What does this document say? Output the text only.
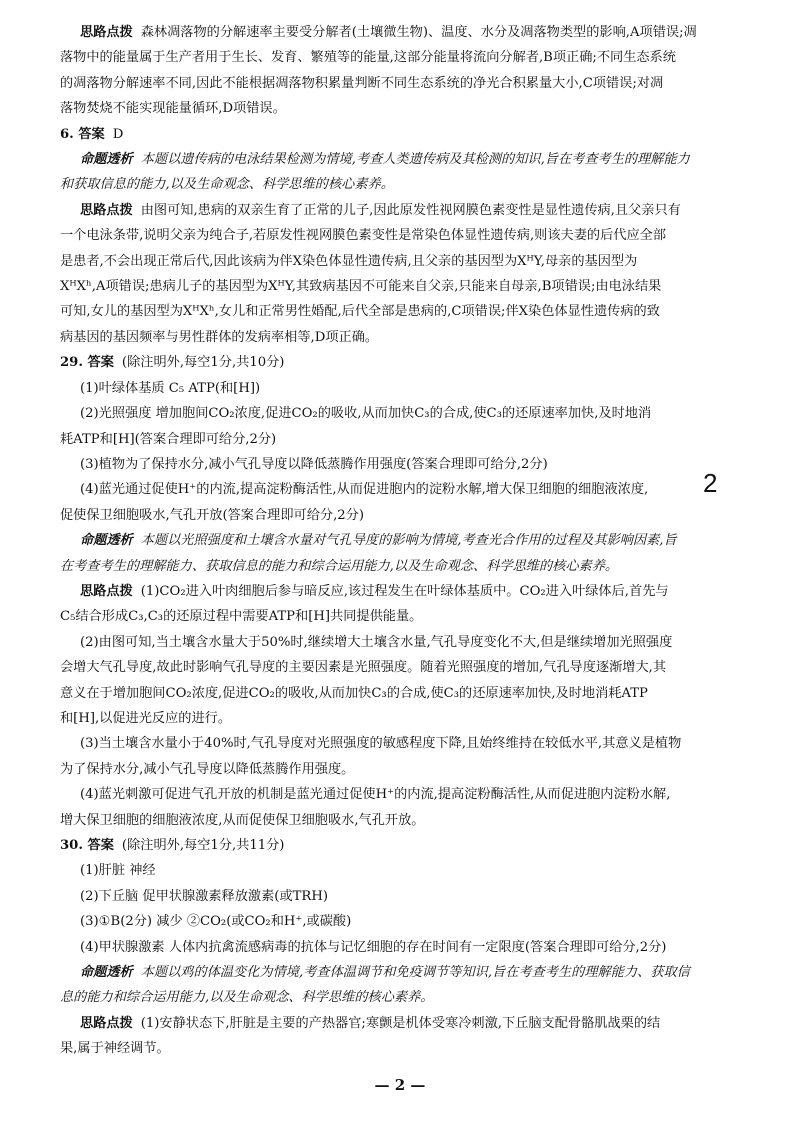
思路点拨 森林凋落物的分解速率主要受分解者(土壤微生物)、温度、水分及凋落物类型的影响,A项错误;凋
落物中的能量属于生产者用于生长、发育、繁殖等的能量,这部分能量将流向分解者,B项正确;不同生态系统
的凋落物分解速率不同,因此不能根据凋落物积累量判断不同生态系统的净光合积累量大小,C项错误;对凋
落物焚烧不能实现能量循环,D项错误。
6. 答案 D
命题透析 本题以遗传病的电泳结果检测为情境,考查人类遗传病及其检测的知识,旨在考查考生的理解能力
和获取信息的能力,以及生命观念、科学思维的核心素养。
思路点拨 由图可知,患病的双亲生育了正常的儿子,因此原发性视网膜色素变性是显性遗传病,且父亲只有
一个电泳条带,说明父亲为纯合子,若原发性视网膜色素变性是常染色体显性遗传病,则该夫妻的后代应全部
是患者,不会出现正常后代,因此该病为伴X染色体显性遗传病,且父亲的基因型为XᴴY,母亲的基因型为
XᴴXʰ,A项错误;患病儿子的基因型为XᴴY,其致病基因不可能来自父亲,只能来自母亲,B项错误;由电泳结果
可知,女儿的基因型为XᴴXʰ,女儿和正常男性婚配,后代全部是患病的,C项错误;伴X染色体显性遗传病的致
病基因的基因频率与男性群体的发病率相等,D项正确。
29. 答案 (除注明外,每空1分,共10分)
(1)叶绿体基质 C₅ ATP(和[H])
(2)光照强度 增加胞间CO₂浓度,促进CO₂的吸收,从而加快C₃的合成,使C₃的还原速率加快,及时地消
耗ATP和[H](答案合理即可给分,2分)
(3)植物为了保持水分,减小气孔导度以降低蒸腾作用强度(答案合理即可给分,2分)
(4)蓝光通过促使H⁺的内流,提高淀粉酶活性,从而促进胞内的淀粉水解,增大保卫细胞的细胞液浓度,
促使保卫细胞吸水,气孔开放(答案合理即可给分,2分)
命题透析 本题以光照强度和土壤含水量对气孔导度的影响为情境,考查光合作用的过程及其影响因素,旨
在考查考生的理解能力、获取信息的能力和综合运用能力,以及生命观念、科学思维的核心素养。
思路点拨 (1)CO₂进入叶肉细胞后参与暗反应,该过程发生在叶绿体基质中。CO₂进入叶绿体后,首先与
C₅结合形成C₃,C₃的还原过程中需要ATP和[H]共同提供能量。
(2)由图可知,当土壤含水量大于50%时,继续增大土壤含水量,气孔导度变化不大,但是继续增加光照强度
会增大气孔导度,故此时影响气孔导度的主要因素是光照强度。随着光照强度的增加,气孔导度逐渐增大,其
意义在于增加胞间CO₂浓度,促进CO₂的吸收,从而加快C₃的合成,使C₃的还原速率加快,及时地消耗ATP
和[H],以促进光反应的进行。
(3)当土壤含水量小于40%时,气孔导度对光照强度的敏感程度下降,且始终维持在较低水平,其意义是植物
为了保持水分,减小气孔导度以降低蒸腾作用强度。
(4)蓝光刺激可促进气孔开放的机制是蓝光通过促使H⁺的内流,提高淀粉酶活性,从而促进胞内淀粉水解,
增大保卫细胞的细胞液浓度,从而促使保卫细胞吸水,气孔开放。
30. 答案 (除注明外,每空1分,共11分)
(1)肝脏 神经
(2)下丘脑 促甲状腺激素释放激素(或TRH)
(3)①B(2分) 减少 ②CO₂(或CO₂和H⁺,或碳酸)
(4)甲状腺激素 人体内抗禽流感病毒的抗体与记忆细胞的存在时间有一定限度(答案合理即可给分,2分)
命题透析 本题以鸡的体温变化为情境,考查体温调节和免疫调节等知识,旨在考查考生的理解能力、获取信
息的能力和综合运用能力,以及生命观念、科学思维的核心素养。
思路点拨 (1)安静状态下,肝脏是主要的产热器官;寒颤是机体受寒冷刺激,下丘脑支配骨骼肌战栗的结
果,属于神经调节。
2
— 2 —
